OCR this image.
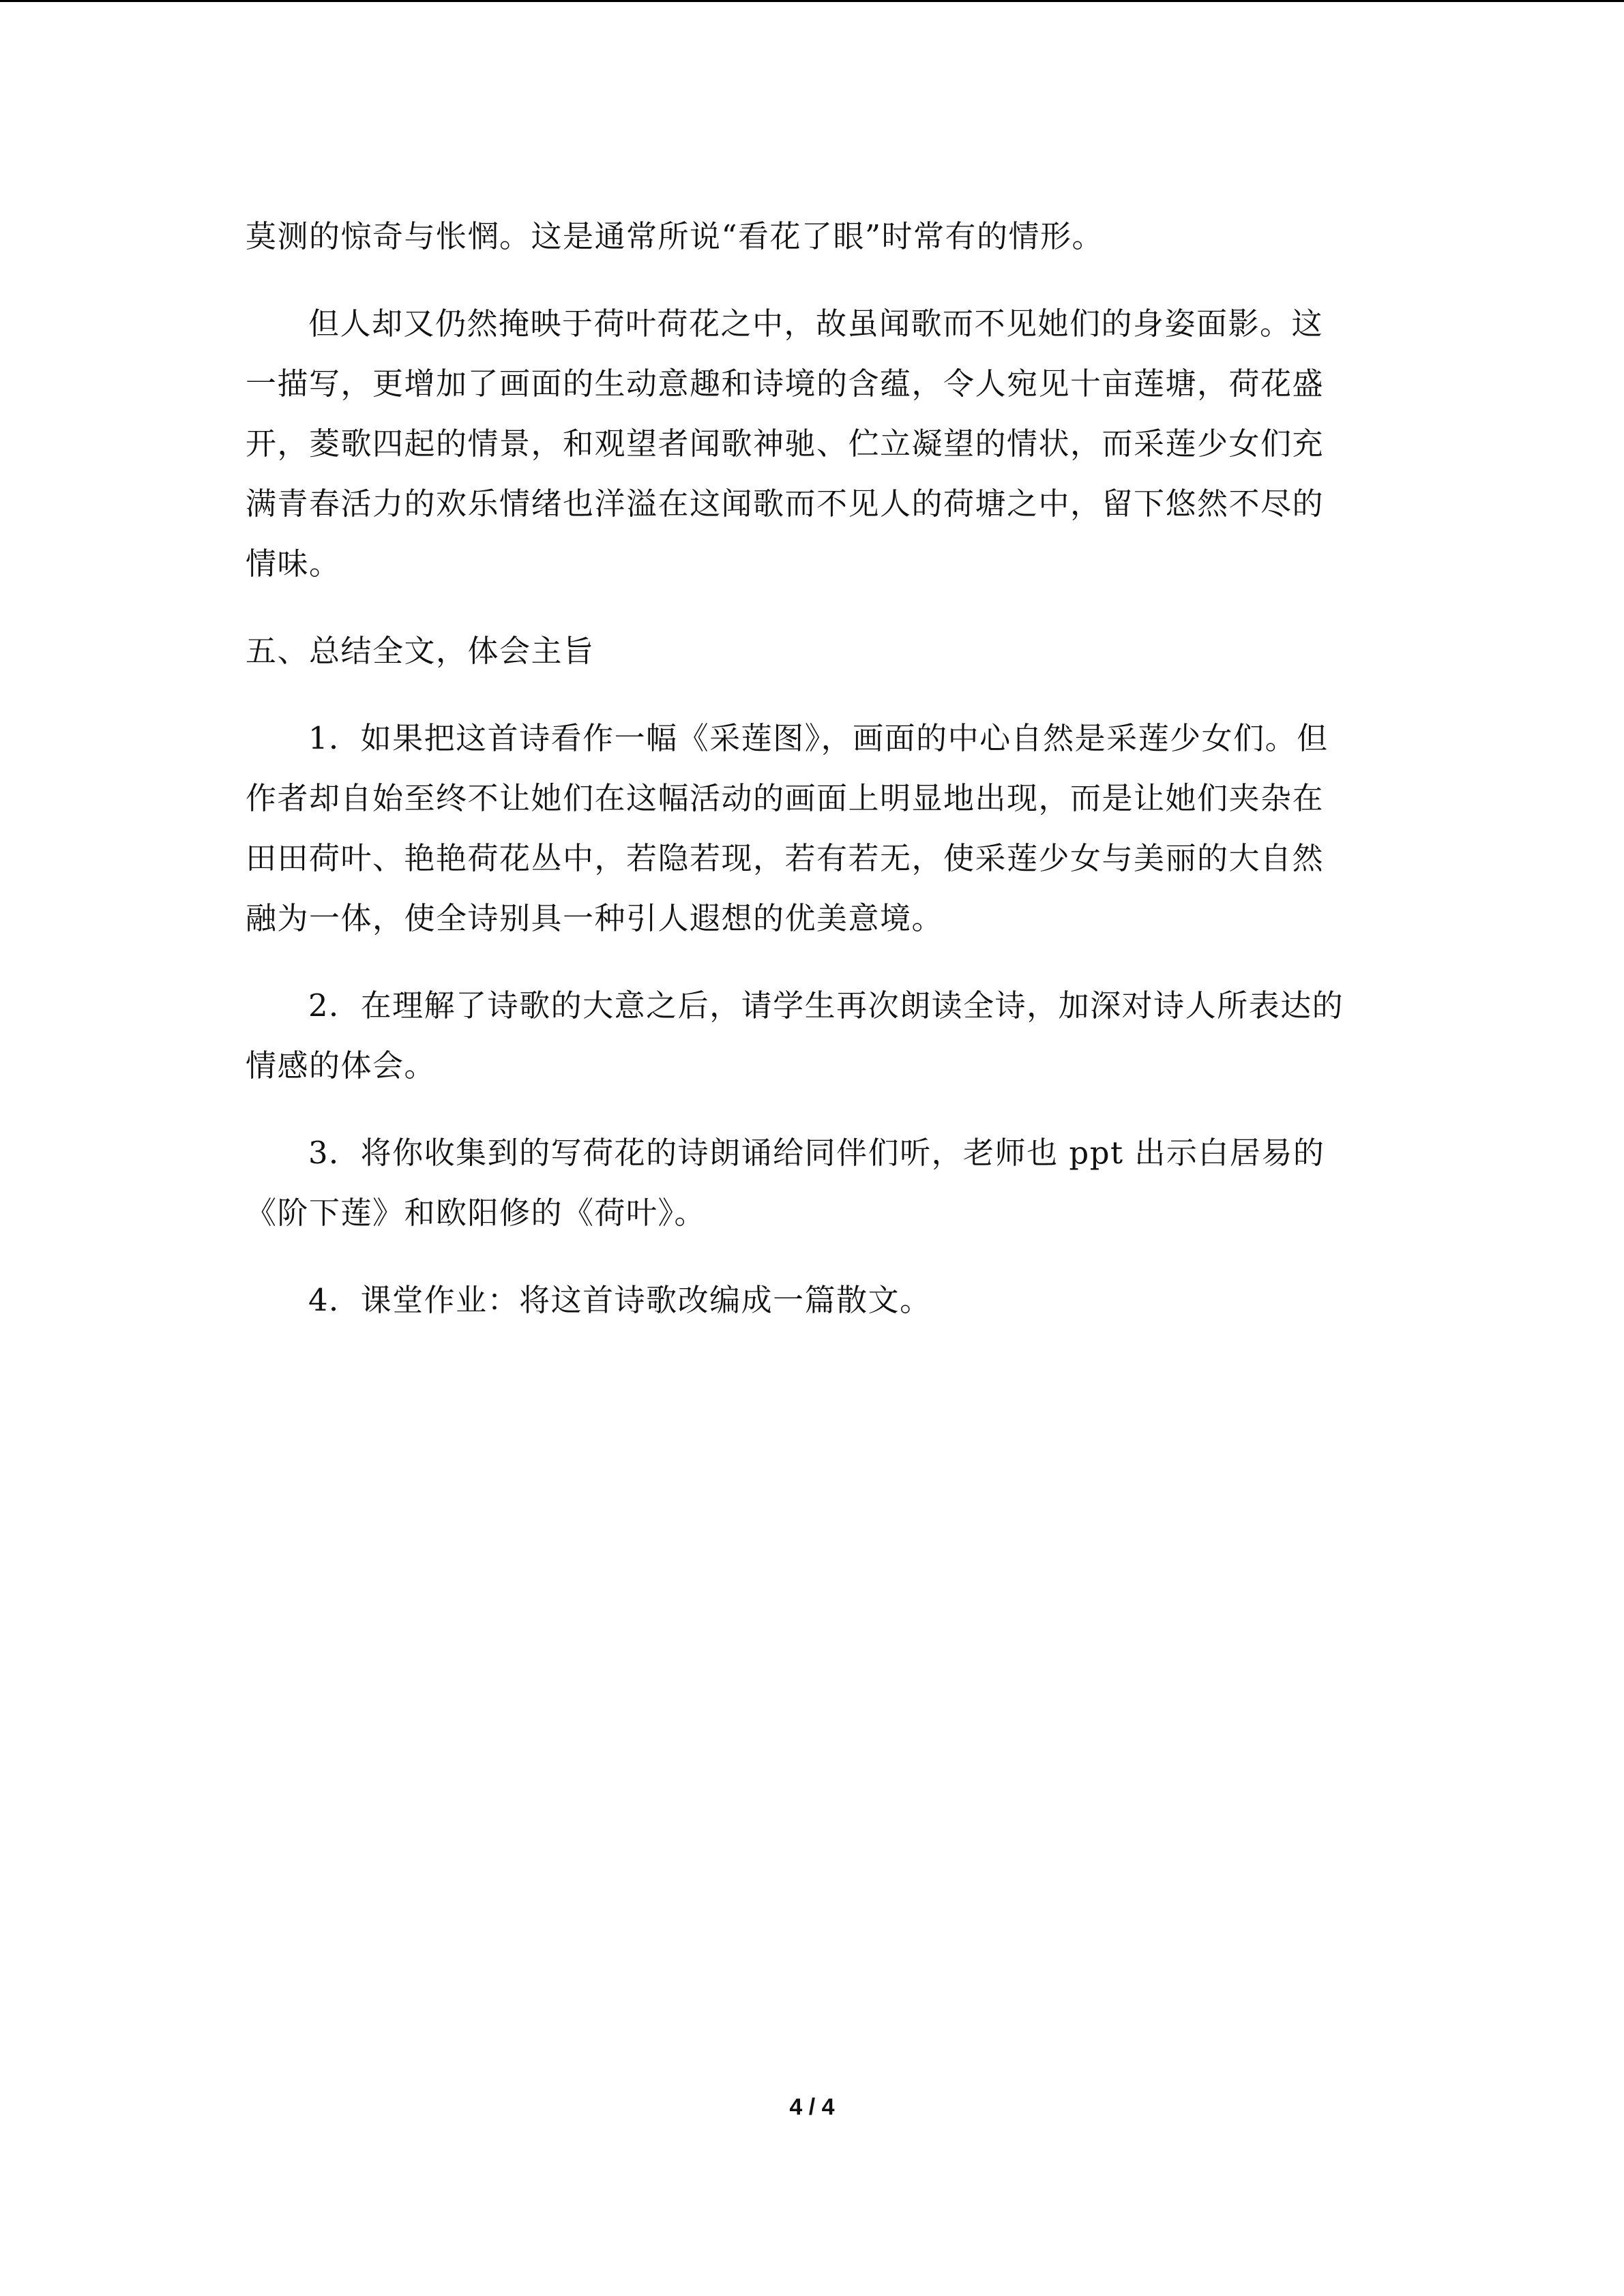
莫测的惊奇与怅惘。这是通常所说“看花了眼”时常有的情形。
但人却又仍然掩映于荷叶荷花之中，故虽闻歌而不见她们的身姿面影。这
一描写，更增加了画面的生动意趣和诗境的含蕴，令人宛见十亩莲塘，荷花盛
开，菱歌四起的情景，和观望者闻歌神驰、伫立凝望的情状，而采莲少女们充
满青春活力的欢乐情绪也洋溢在这闻歌而不见人的荷塘之中，留下悠然不尽的
情味。
五、总结全文，体会主旨
1．如果把这首诗看作一幅《采莲图》，画面的中心自然是采莲少女们。但
作者却自始至终不让她们在这幅活动的画面上明显地出现，而是让她们夹杂在
田田荷叶、艳艳荷花丛中，若隐若现，若有若无，使采莲少女与美丽的大自然
融为一体，使全诗别具一种引人遐想的优美意境。
2．在理解了诗歌的大意之后，请学生再次朗读全诗，加深对诗人所表达的
情感的体会。
3．将你收集到的写荷花的诗朗诵给同伴们听，老师也 ppt 出示白居易的
《阶下莲》和欧阳修的《荷叶》。
4．课堂作业：将这首诗歌改编成一篇散文。
4 / 4
